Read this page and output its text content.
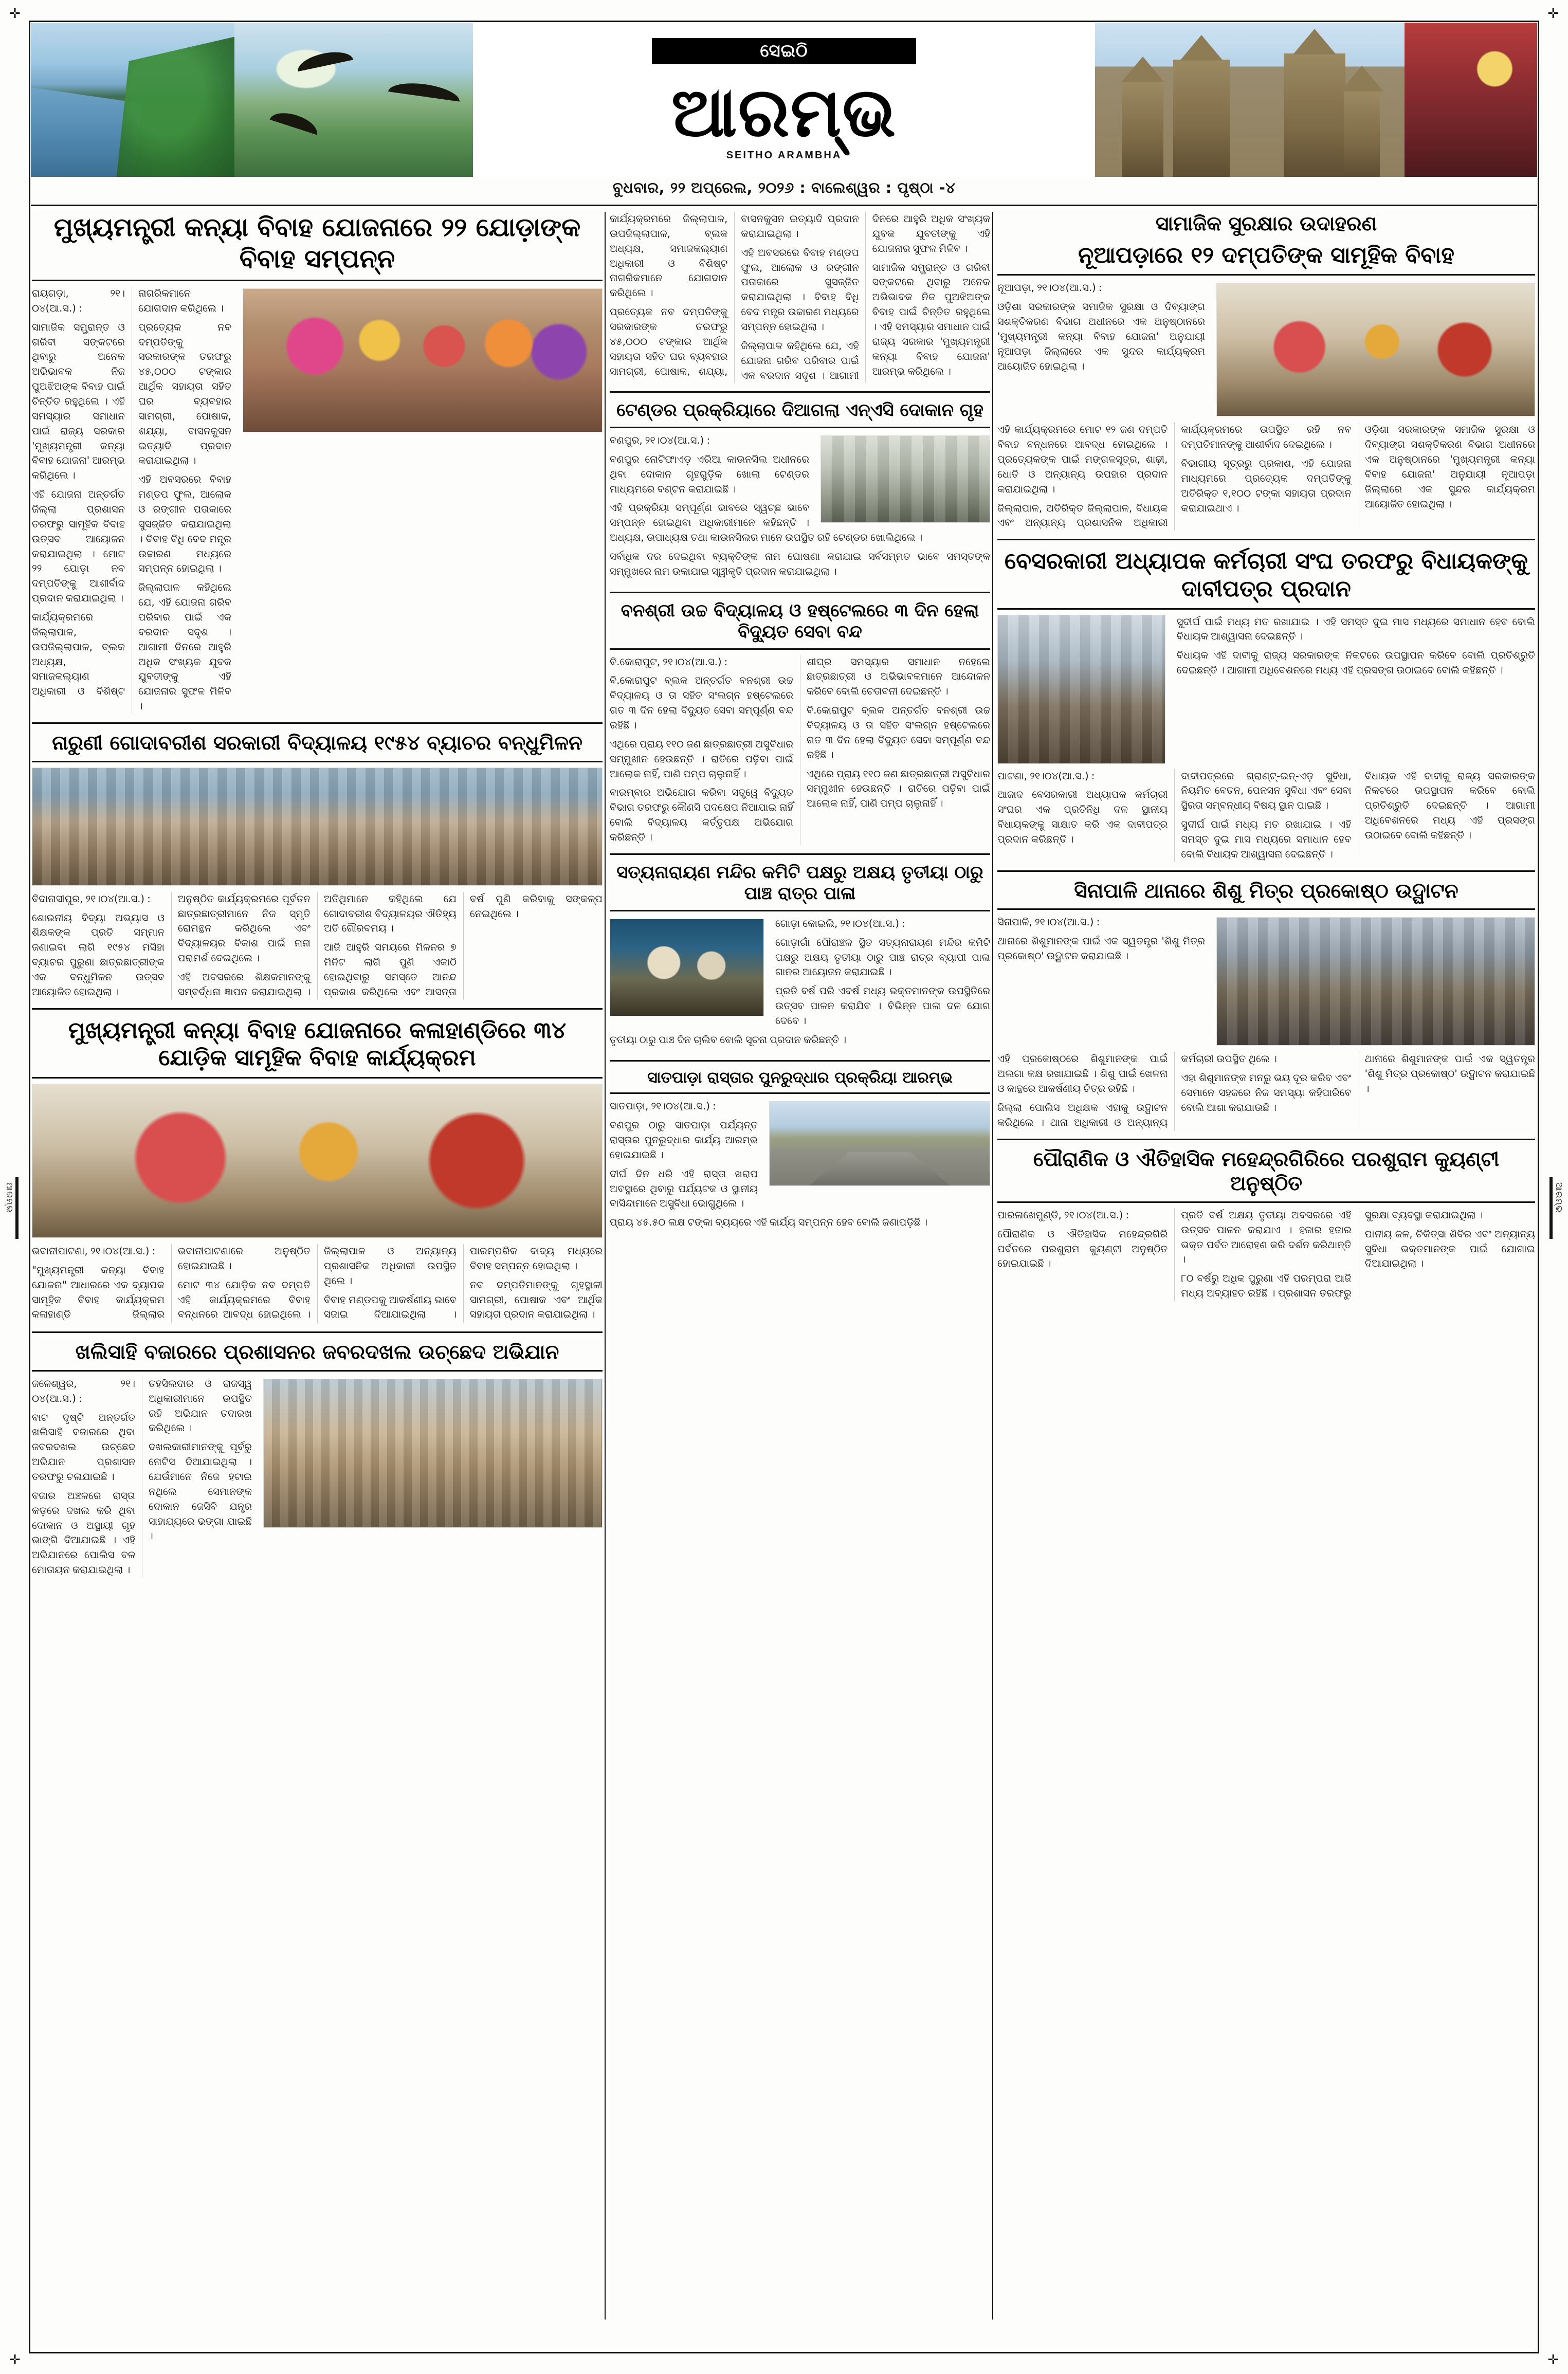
✛	✛
✛	✛
ଆରମ୍ଭ	ଆରମ୍ଭ
ସେଇଠି
ଆରମ୍ଭ
SEITHO ARAMBHA
ବୁଧବାର, ୨୨ ଅପ୍ରେଲ, ୨୦୨୬ : ବାଲେଶ୍ୱର : ପୃଷ୍ଠା -୪
ମୁଖ୍ୟମନ୍ତ୍ରୀ କନ୍ୟା ବିବାହ ଯୋଜନାରେ ୨୨ ଯୋଡ଼ାଙ୍କ ବିବାହ ସମ୍ପନ୍ନ

ରାୟଗଡ଼ା, ୨୧।୦୪(ଆ.ସ.) :

ସାମାଜିକ ସମ୍ଭ୍ରାନ୍ତ ଓ ଗରିବୀ ସଙ୍କଟରେ ଥିବାରୁ ଅନେକ ଅଭିଭାବକ ନିଜ ପୁଅଝିଅଙ୍କ ବିବାହ ପାଇଁ ଚିନ୍ତିତ ରହୁଥିଲେ । ଏହି ସମସ୍ୟାର ସମାଧାନ ପାଇଁ ରାଜ୍ୟ ସରକାର 'ମୁଖ୍ୟମନ୍ତ୍ରୀ କନ୍ୟା ବିବାହ ଯୋଜନା' ଆରମ୍ଭ କରିଥିଲେ ।

ଏହି ଯୋଜନା ଅନ୍ତର୍ଗତ ଜିଲ୍ଲା ପ୍ରଶାସନ ତରଫରୁ ସାମୂହିକ ବିବାହ ଉତ୍ସବ ଆୟୋଜନ କରାଯାଇଥିଲା । ମୋଟ ୨୨ ଯୋଡ଼ା ନବ ଦମ୍ପତିଙ୍କୁ ଆଶୀର୍ବାଦ ପ୍ରଦାନ କରାଯାଇଥିଲା ।

କାର୍ଯ୍ୟକ୍ରମରେ ଜିଲ୍ଲାପାଳ, ଉପଜିଲ୍ଲାପାଳ, ବ୍ଲକ ଅଧ୍ୟକ୍ଷ, ସମାଜକଲ୍ୟାଣ ଅଧିକାରୀ ଓ ବିଶିଷ୍ଟ ନାଗରିକମାନେ ଯୋଗଦାନ କରିଥିଲେ ।

ପ୍ରତ୍ୟେକ ନବ ଦମ୍ପତିଙ୍କୁ ସରକାରଙ୍କ ତରଫରୁ ୪୫,୦୦୦ ଟଙ୍କାର ଆର୍ଥିକ ସହାୟତା ସହିତ ଘର ବ୍ୟବହାର ସାମଗ୍ରୀ, ପୋଷାକ, ଶଯ୍ୟା, ବାସନକୁସନ ଇତ୍ୟାଦି ପ୍ରଦାନ କରାଯାଇଥିଲା ।

ଏହି ଅବସରରେ ବିବାହ ମଣ୍ଡପ ଫୁଲ, ଆଲୋକ ଓ ରଙ୍ଗୀନ ପତାକାରେ ସୁସଜ୍ଜିତ କରାଯାଇଥିଲା । ବିବାହ ବିଧି ବେଦ ମନ୍ତ୍ର ଉଚ୍ଚାରଣ ମଧ୍ୟରେ ସମ୍ପନ୍ନ ହୋଇଥିଲା ।

ଜିଲ୍ଲାପାଳ କହିଥିଲେ ଯେ, ଏହି ଯୋଜନା ଗରିବ ପରିବାର ପାଇଁ ଏକ ବରଦାନ ସଦୃଶ । ଆଗାମୀ ଦିନରେ ଆହୁରି ଅଧିକ ସଂଖ୍ୟକ ଯୁବକ ଯୁବତୀଙ୍କୁ ଏହି ଯୋଜନାର ସୁଫଳ ମିଳିବ ।

ନାରୁଣୀ ଗୋଦାବରୀଶ ସରକାରୀ ବିଦ୍ୟାଳୟ ୧୯୫୪ ବ୍ୟାଚର ବନ୍ଧୁମିଳନ

ବିଦାନାସୀପୁର, ୨୧।୦୪(ଆ.ସ.) :

ଶୋଭନୀୟ ବିଦ୍ୟା ଅଭ୍ୟାସ ଓ ଶିକ୍ଷକଙ୍କ ପ୍ରତି ସମ୍ମାନ ଜଣାଇବା ଲାଗି ୧୯୫୪ ମସିହା ବ୍ୟାଚର ପୁରୁଣା ଛାତ୍ରଛାତ୍ରୀଙ୍କ ଏକ ବନ୍ଧୁମିଳନ ଉତ୍ସବ ଆୟୋଜିତ ହୋଇଥିଲା ।

ଅନୁଷ୍ଠିତ କାର୍ଯ୍ୟକ୍ରମରେ ପୂର୍ବତନ ଛାତ୍ରଛାତ୍ରୀମାନେ ନିଜ ସ୍ମୃତି ରୋମନ୍ଥନ କରିଥିଲେ ଏବଂ ବିଦ୍ୟାଳୟର ବିକାଶ ପାଇଁ ନାନା ପରାମର୍ଶ ଦେଇଥିଲେ ।

ଏହି ଅବସରରେ ଶିକ୍ଷକମାନଙ୍କୁ ସମ୍ବର୍ଦ୍ଧନା ଜ୍ଞାପନ କରାଯାଇଥିଲା । ଅତିଥିମାନେ କହିଥିଲେ ଯେ ଗୋଦାବରୀଶ ବିଦ୍ୟାଳୟର ଐତିହ୍ୟ ଅତି ଗୌରବମୟ ।

ଆଜି ଆହୁରି ସମୟରେ ମିଳନର ୭ ମିନିଟ ଲାଗି ପୁଣି ଏକାଠି ହୋଇଥିବାରୁ ସମସ୍ତେ ଆନନ୍ଦ ପ୍ରକାଶ କରିଥିଲେ ଏବଂ ଆସନ୍ତା ବର୍ଷ ପୁଣି କରିବାକୁ ସଙ୍କଳ୍ପ ନେଇଥିଲେ ।

ମୁଖ୍ୟମନ୍ତ୍ରୀ କନ୍ୟା ବିବାହ ଯୋଜନାରେ କଳାହାଣ୍ଡିରେ ୩୪ ଯୋଡ଼ିକ ସାମୂହିକ ବିବାହ କାର୍ଯ୍ୟକ୍ରମ

ଭବାନୀପାଟଣା, ୨୧।୦୪(ଆ.ସ.) :

"ମୁଖ୍ୟମନ୍ତ୍ରୀ କନ୍ୟା ବିବାହ ଯୋଜନା" ଆଧାରରେ ଏକ ବ୍ୟାପକ ସାମୂହିକ ବିବାହ କାର୍ଯ୍ୟକ୍ରମ କଳାହାଣ୍ଡି ଜିଲ୍ଲାର ଭବାନୀପାଟଣାରେ ଅନୁଷ୍ଠିତ ହୋଇଯାଇଛି ।

ମୋଟ ୩୪ ଯୋଡ଼ିକ ନବ ଦମ୍ପତି ଏହି କାର୍ଯ୍ୟକ୍ରମରେ ବିବାହ ବନ୍ଧନରେ ଆବଦ୍ଧ ହୋଇଥିଲେ । ଜିଲ୍ଲାପାଳ ଓ ଅନ୍ୟାନ୍ୟ ପ୍ରଶାସନିକ ଅଧିକାରୀ ଉପସ୍ଥିତ ଥିଲେ ।

ବିବାହ ମଣ୍ଡପକୁ ଆକର୍ଷଣୀୟ ଭାବେ ସଜାଇ ଦିଆଯାଇଥିଲା । ପାରମ୍ପରିକ ବାଦ୍ୟ ମଧ୍ୟରେ ବିବାହ ସମ୍ପନ୍ନ ହୋଇଥିଲା ।

ନବ ଦମ୍ପତିମାନଙ୍କୁ ଗୃହସ୍ଥାଳୀ ସାମଗ୍ରୀ, ପୋଷାକ ଏବଂ ଆର୍ଥିକ ସହାୟତା ପ୍ରଦାନ କରାଯାଇଥିଲା ।

ଖଲିସାହି ବଜାରରେ ପ୍ରଶାସନର ଜବରଦଖଲ ଉଚ୍ଛେଦ ଅଭିଯାନ

ଜଳେଶ୍ୱର, ୨୧।୦୪(ଆ.ସ.) :

ବାଟ ଦୃଷ୍ଟି ଅନ୍ତର୍ଗତ ଖଲିସାହି ବଜାରରେ ଥିବା ଜବରଦଖଲ ଉଚ୍ଛେଦ ଅଭିଯାନ ପ୍ରଶାସନ ତରଫରୁ ଚଳାଯାଇଛି ।

ବଜାର ଅଞ୍ଚଳରେ ରାସ୍ତା କଡ଼ରେ ଦଖଲ କରି ଥିବା ଦୋକାନ ଓ ଅସ୍ଥାୟୀ ଗୃହ ଭାଙ୍ଗି ଦିଆଯାଇଛି । ଏହି ଅଭିଯାନରେ ପୋଲିସ ବଳ ମୋତାୟନ କରାଯାଇଥିଲା ।

ତହସିଲଦାର ଓ ରାଜସ୍ୱ ଅଧିକାରୀମାନେ ଉପସ୍ଥିତ ରହି ଅଭିଯାନ ତଦାରଖ କରିଥିଲେ ।

ଦଖଲକାରୀମାନଙ୍କୁ ପୂର୍ବରୁ ନୋଟିସ ଦିଆଯାଇଥିଲା । ଯେଉଁମାନେ ନିଜେ ହଟାଇ ନଥିଲେ ସେମାନଙ୍କ ଦୋକାନ ଜେସିବି ଯନ୍ତ୍ର ସାହାଯ୍ୟରେ ଭଙ୍ଗା ଯାଇଛି ।

କାର୍ଯ୍ୟକ୍ରମରେ ଜିଲ୍ଲାପାଳ, ଉପଜିଲ୍ଲାପାଳ, ବ୍ଲକ ଅଧ୍ୟକ୍ଷ, ସମାଜକଲ୍ୟାଣ ଅଧିକାରୀ ଓ ବିଶିଷ୍ଟ ନାଗରିକମାନେ ଯୋଗଦାନ କରିଥିଲେ ।

ପ୍ରତ୍ୟେକ ନବ ଦମ୍ପତିଙ୍କୁ ସରକାରଙ୍କ ତରଫରୁ ୪୫,୦୦୦ ଟଙ୍କାର ଆର୍ଥିକ ସହାୟତା ସହିତ ଘର ବ୍ୟବହାର ସାମଗ୍ରୀ, ପୋଷାକ, ଶଯ୍ୟା, ବାସନକୁସନ ଇତ୍ୟାଦି ପ୍ରଦାନ କରାଯାଇଥିଲା ।

ଏହି ଅବସରରେ ବିବାହ ମଣ୍ଡପ ଫୁଲ, ଆଲୋକ ଓ ରଙ୍ଗୀନ ପତାକାରେ ସୁସଜ୍ଜିତ କରାଯାଇଥିଲା । ବିବାହ ବିଧି ବେଦ ମନ୍ତ୍ର ଉଚ୍ଚାରଣ ମଧ୍ୟରେ ସମ୍ପନ୍ନ ହୋଇଥିଲା ।

ଜିଲ୍ଲାପାଳ କହିଥିଲେ ଯେ, ଏହି ଯୋଜନା ଗରିବ ପରିବାର ପାଇଁ ଏକ ବରଦାନ ସଦୃଶ । ଆଗାମୀ ଦିନରେ ଆହୁରି ଅଧିକ ସଂଖ୍ୟକ ଯୁବକ ଯୁବତୀଙ୍କୁ ଏହି ଯୋଜନାର ସୁଫଳ ମିଳିବ ।

ସାମାଜିକ ସମ୍ଭ୍ରାନ୍ତ ଓ ଗରିବୀ ସଙ୍କଟରେ ଥିବାରୁ ଅନେକ ଅଭିଭାବକ ନିଜ ପୁଅଝିଅଙ୍କ ବିବାହ ପାଇଁ ଚିନ୍ତିତ ରହୁଥିଲେ । ଏହି ସମସ୍ୟାର ସମାଧାନ ପାଇଁ ରାଜ୍ୟ ସରକାର 'ମୁଖ୍ୟମନ୍ତ୍ରୀ କନ୍ୟା ବିବାହ ଯୋଜନା' ଆରମ୍ଭ କରିଥିଲେ ।

ଟେଣ୍ଡର ପ୍ରକ୍ରିୟାରେ ଦିଆଗଲା ଏନ୍ଏସି ଦୋକାନ ଗୃହ

ବଣପୁର, ୨୧।୦୪(ଆ.ସ.) :

ବଣପୁର ନୋଟିଫାଏଡ଼ ଏରିଆ କାଉନସିଲ ଅଧୀନରେ ଥିବା ଦୋକାନ ଗୃହଗୁଡ଼ିକ ଖୋଲା ଟେଣ୍ଡର ମାଧ୍ୟମରେ ବଣ୍ଟନ କରାଯାଇଛି ।

ଏହି ପ୍ରକ୍ରିୟା ସମ୍ପୂର୍ଣ୍ଣ ଭାବରେ ସ୍ୱଚ୍ଛ ଭାବେ ସମ୍ପନ୍ନ ହୋଇଥିବା ଅଧିକାରୀମାନେ କହିଛନ୍ତି । ଅଧ୍ୟକ୍ଷ, ଉପାଧ୍ୟକ୍ଷ ତଥା କାଉନସିଲର ମାନେ ଉପସ୍ଥିତ ରହି ଟେଣ୍ଡର ଖୋଲିଥିଲେ ।

ସର୍ବାଧିକ ଦର ଦେଇଥିବା ବ୍ୟକ୍ତିଙ୍କ ନାମ ଘୋଷଣା କରାଯାଇ ସର୍ବସମ୍ମତ ଭାବେ ସମସ୍ତଙ୍କ ସମ୍ମୁଖରେ ନାମ ଉକାଯାଇ ସ୍ୱୀକୃତି ପ୍ରଦାନ କରାଯାଇଥିଲା ।

ବନଶ୍ରୀ ଉଚ୍ଚ ବିଦ୍ୟାଳୟ ଓ ହଷ୍ଟେଲରେ ୩ ଦିନ ହେଲା ବିଦ୍ୟୁତ ସେବା ବନ୍ଦ

ବି.କୋରାପୁଟ, ୨୧।୦୪(ଆ.ସ.) :

ବି.କୋରାପୁଟ ବ୍ଲକ ଅନ୍ତର୍ଗତ ବନଶ୍ରୀ ଉଚ୍ଚ ବିଦ୍ୟାଳୟ ଓ ତା ସହିତ ସଂଲଗ୍ନ ହଷ୍ଟେଲରେ ଗତ ୩ ଦିନ ହେଲା ବିଦ୍ୟୁତ ସେବା ସମ୍ପୂର୍ଣ୍ଣ ବନ୍ଦ ରହିଛି ।

ଏଥିରେ ପ୍ରାୟ ୧୧୦ ଜଣ ଛାତ୍ରଛାତ୍ରୀ ଅସୁବିଧାର ସମ୍ମୁଖୀନ ହେଉଛନ୍ତି । ରାତିରେ ପଢ଼ିବା ପାଇଁ ଆଲୋକ ନାହିଁ, ପାଣି ପମ୍ପ ଚାଲୁନାହିଁ ।

ବାରମ୍ବାର ଅଭିଯୋଗ କରିବା ସତ୍ତ୍ୱେ ବିଦ୍ୟୁତ ବିଭାଗ ତରଫରୁ କୌଣସି ପଦକ୍ଷେପ ନିଆଯାଇ ନାହିଁ ବୋଲି ବିଦ୍ୟାଳୟ କର୍ତ୍ତୃପକ୍ଷ ଅଭିଯୋଗ କରିଛନ୍ତି ।

ଶୀଘ୍ର ସମସ୍ୟାର ସମାଧାନ ନହେଲେ ଛାତ୍ରଛାତ୍ରୀ ଓ ଅଭିଭାବକମାନେ ଆନ୍ଦୋଳନ କରିବେ ବୋଲି ଚେତାବନୀ ଦେଇଛନ୍ତି ।

ବି.କୋରାପୁଟ ବ୍ଲକ ଅନ୍ତର୍ଗତ ବନଶ୍ରୀ ଉଚ୍ଚ ବିଦ୍ୟାଳୟ ଓ ତା ସହିତ ସଂଲଗ୍ନ ହଷ୍ଟେଲରେ ଗତ ୩ ଦିନ ହେଲା ବିଦ୍ୟୁତ ସେବା ସମ୍ପୂର୍ଣ୍ଣ ବନ୍ଦ ରହିଛି ।

ଏଥିରେ ପ୍ରାୟ ୧୧୦ ଜଣ ଛାତ୍ରଛାତ୍ରୀ ଅସୁବିଧାର ସମ୍ମୁଖୀନ ହେଉଛନ୍ତି । ରାତିରେ ପଢ଼ିବା ପାଇଁ ଆଲୋକ ନାହିଁ, ପାଣି ପମ୍ପ ଚାଲୁନାହିଁ ।

ସତ୍ୟନାରାୟଣ ମନ୍ଦିର କମିଟି ପକ୍ଷରୁ ଅକ୍ଷୟ ତୃତୀୟା ଠାରୁ ପାଞ୍ଚ ରାତ୍ର ପାଳା

ଗୋଡ଼ା କୋଇଲି, ୨୧।୦୪(ଆ.ସ.) :

ଗୋଡ଼ାଗାଁ ପୌରାଞ୍ଚଳ ସ୍ଥିତ ସତ୍ୟନାରାୟଣ ମନ୍ଦିର କମିଟି ପକ୍ଷରୁ ଅକ୍ଷୟ ତୃତୀୟା ଠାରୁ ପାଞ୍ଚ ରାତ୍ର ବ୍ୟାପୀ ପାଳା ଗାନର ଆୟୋଜନ କରାଯାଇଛି ।

ପ୍ରତି ବର୍ଷ ପରି ଏବର୍ଷ ମଧ୍ୟ ଭକ୍ତମାନଙ୍କ ଉପସ୍ଥିତିରେ ଉତ୍ସବ ପାଳନ କରାଯିବ । ବିଭିନ୍ନ ପାଳା ଦଳ ଯୋଗ ଦେବେ ।

ତୃତୀୟା ଠାରୁ ପାଞ୍ଚ ଦିନ ଚାଲିବ ବୋଲି ସୂଚନା ପ୍ରଦାନ କରିଛନ୍ତି ।

ସାତପାଡ଼ା ରାସ୍ତାର ପୁନରୁଦ୍ଧାର ପ୍ରକ୍ରିୟା ଆରମ୍ଭ

ସାତପାଡ଼ା, ୨୧।୦୪(ଆ.ସ.) :

ବଣପୁର ଠାରୁ ସାତପାଡ଼ା ପର୍ଯ୍ୟନ୍ତ ରାସ୍ତାର ପୁନରୁଦ୍ଧାର କାର୍ଯ୍ୟ ଆରମ୍ଭ ହୋଇଯାଇଛି ।

ଦୀର୍ଘ ଦିନ ଧରି ଏହି ରାସ୍ତା ଖରାପ ଅବସ୍ଥାରେ ଥିବାରୁ ପର୍ଯ୍ୟଟକ ଓ ସ୍ଥାନୀୟ ବାସିନ୍ଦାମାନେ ଅସୁବିଧା ଭୋଗୁଥିଲେ ।

ପ୍ରାୟ ୪୫.୫୦ ଲକ୍ଷ ଟଙ୍କା ବ୍ୟୟରେ ଏହି କାର୍ଯ୍ୟ ସମ୍ପନ୍ନ ହେବ ବୋଲି ଜଣାପଡ଼ିଛି ।

ସାମାଜିକ ସୁରକ୍ଷାର ଉଦାହରଣ
ନୂଆପଡ଼ାରେ ୧୨ ଦମ୍ପତିଙ୍କ ସାମୂହିକ ବିବାହ

ନୂଆପଡ଼ା, ୨୧।୦୪(ଆ.ସ.) :

ଓଡ଼ିଶା ସରକାରଙ୍କ ସମାଜିକ ସୁରକ୍ଷା ଓ ଦିବ୍ୟାଙ୍ଗ ସଶକ୍ତିକରଣ ବିଭାଗ ଅଧୀନରେ ଏକ ଅନୁଷ୍ଠାନରେ 'ମୁଖ୍ୟମନ୍ତ୍ରୀ କନ୍ୟା ବିବାହ ଯୋଜନା' ଅନୁଯାୟୀ ନୂଆପଡ଼ା ଜିଲ୍ଲାରେ ଏକ ସୁନ୍ଦର କାର୍ଯ୍ୟକ୍ରମ ଆୟୋଜିତ ହୋଇଥିଲା ।

ଏହି କାର୍ଯ୍ୟକ୍ରମରେ ମୋଟ ୧୨ ଜଣ ଦମ୍ପତି ବିବାହ ବନ୍ଧନରେ ଆବଦ୍ଧ ହୋଇଥିଲେ । ପ୍ରତ୍ୟେକଙ୍କ ପାଇଁ ମଙ୍ଗଳସୂତ୍ର, ଶାଢ଼ୀ, ଧୋତି ଓ ଅନ୍ୟାନ୍ୟ ଉପହାର ପ୍ରଦାନ କରାଯାଇଥିଲା ।

ଜିଲ୍ଲାପାଳ, ଅତିରିକ୍ତ ଜିଲ୍ଲାପାଳ, ବିଧାୟକ ଏବଂ ଅନ୍ୟାନ୍ୟ ପ୍ରଶାସନିକ ଅଧିକାରୀ କାର୍ଯ୍ୟକ୍ରମରେ ଉପସ୍ଥିତ ରହି ନବ ଦମ୍ପତିମାନଙ୍କୁ ଆଶୀର୍ବାଦ ଦେଇଥିଲେ ।

ବିଭାଗୀୟ ସୂତ୍ରରୁ ପ୍ରକାଶ, ଏହି ଯୋଜନା ମାଧ୍ୟମରେ ପ୍ରତ୍ୟେକ ଦମ୍ପତିଙ୍କୁ ଅତିରିକ୍ତ ୧,୧୦୦ ଟଙ୍କା ସହାୟତା ପ୍ରଦାନ କରାଯାଇଥାଏ ।

ଓଡ଼ିଶା ସରକାରଙ୍କ ସମାଜିକ ସୁରକ୍ଷା ଓ ଦିବ୍ୟାଙ୍ଗ ସଶକ୍ତିକରଣ ବିଭାଗ ଅଧୀନରେ ଏକ ଅନୁଷ୍ଠାନରେ 'ମୁଖ୍ୟମନ୍ତ୍ରୀ କନ୍ୟା ବିବାହ ଯୋଜନା' ଅନୁଯାୟୀ ନୂଆପଡ଼ା ଜିଲ୍ଲାରେ ଏକ ସୁନ୍ଦର କାର୍ଯ୍ୟକ୍ରମ ଆୟୋଜିତ ହୋଇଥିଲା ।

ବେସରକାରୀ ଅଧ୍ୟାପକ କର୍ମଚାରୀ ସଂଘ ତରଫରୁ ବିଧାୟକଙ୍କୁ ଦାବୀପତ୍ର ପ୍ରଦାନ

ସୁଦୀର୍ଘ ପାଇଁ ମଧ୍ୟ ମତ ରଖାଯାଇ । ଏହି ସମସ୍ତ ଦୁଇ ମାସ ମଧ୍ୟରେ ସମାଧାନ ହେବ ବୋଲି ବିଧାୟକ ଆଶ୍ୱାସନା ଦେଇଛନ୍ତି ।

ବିଧାୟକ ଏହି ଦାବୀକୁ ରାଜ୍ୟ ସରକାରଙ୍କ ନିକଟରେ ଉପସ୍ଥାପନ କରିବେ ବୋଲି ପ୍ରତିଶ୍ରୁତି ଦେଇଛନ୍ତି । ଆଗାମୀ ଅଧିବେଶନରେ ମଧ୍ୟ ଏହି ପ୍ରସଙ୍ଗ ଉଠାଇବେ ବୋଲି କହିଛନ୍ତି ।

ପାଟଣା, ୨୧।୦୪(ଆ.ସ.) :

ଆଜାଦ ବେସରକାରୀ ଅଧ୍ୟାପକ କର୍ମଚାରୀ ସଂଘର ଏକ ପ୍ରତିନିଧି ଦଳ ସ୍ଥାନୀୟ ବିଧାୟକଙ୍କୁ ସାକ୍ଷାତ କରି ଏକ ଦାବୀପତ୍ର ପ୍ରଦାନ କରିଛନ୍ତି ।

ଦାବୀପତ୍ରରେ ଗ୍ରାଣ୍ଟ୍-ଇନ୍-ଏଡ଼ ସୁବିଧା, ନିୟମିତ ବେତନ, ପେନସନ ସୁବିଧା ଏବଂ ସେବା ସ୍ଥିରତା ସମ୍ବନ୍ଧୀୟ ବିଷୟ ସ୍ଥାନ ପାଇଛି ।

ସୁଦୀର୍ଘ ପାଇଁ ମଧ୍ୟ ମତ ରଖାଯାଇ । ଏହି ସମସ୍ତ ଦୁଇ ମାସ ମଧ୍ୟରେ ସମାଧାନ ହେବ ବୋଲି ବିଧାୟକ ଆଶ୍ୱାସନା ଦେଇଛନ୍ତି ।

ବିଧାୟକ ଏହି ଦାବୀକୁ ରାଜ୍ୟ ସରକାରଙ୍କ ନିକଟରେ ଉପସ୍ଥାପନ କରିବେ ବୋଲି ପ୍ରତିଶ୍ରୁତି ଦେଇଛନ୍ତି । ଆଗାମୀ ଅଧିବେଶନରେ ମଧ୍ୟ ଏହି ପ୍ରସଙ୍ଗ ଉଠାଇବେ ବୋଲି କହିଛନ୍ତି ।

ସିନାପାଳି ଥାନାରେ ଶିଶୁ ମିତ୍ର ପ୍ରକୋଷ୍ଠ ଉଦ୍ଘାଟନ

ସିନାପାଳି, ୨୧।୦୪(ଆ.ସ.) :

ଥାନାରେ ଶିଶୁମାନଙ୍କ ପାଇଁ ଏକ ସ୍ୱତନ୍ତ୍ର 'ଶିଶୁ ମିତ୍ର ପ୍ରକୋଷ୍ଠ' ଉଦ୍ଘାଟନ କରାଯାଇଛି ।

ଏହି ପ୍ରକୋଷ୍ଠରେ ଶିଶୁମାନଙ୍କ ପାଇଁ ଅଲଗା କକ୍ଷ ରଖାଯାଇଛି । ଶିଶୁ ପାଇଁ ଖେଳନା ଓ କାନ୍ଥରେ ଆକର୍ଷଣୀୟ ଚିତ୍ର ରହିଛି ।

ଜିଲ୍ଲା ପୋଲିସ ଅଧିକ୍ଷକ ଏହାକୁ ଉଦ୍ଘାଟନ କରିଥିଲେ । ଥାନା ଅଧିକାରୀ ଓ ଅନ୍ୟାନ୍ୟ କର୍ମଚାରୀ ଉପସ୍ଥିତ ଥିଲେ ।

ଏହା ଶିଶୁମାନଙ୍କ ମନରୁ ଭୟ ଦୂର କରିବ ଏବଂ ସେମାନେ ସହଜରେ ନିଜ ସମସ୍ୟା କହିପାରିବେ ବୋଲି ଆଶା କରାଯାଉଛି ।

ଥାନାରେ ଶିଶୁମାନଙ୍କ ପାଇଁ ଏକ ସ୍ୱତନ୍ତ୍ର 'ଶିଶୁ ମିତ୍ର ପ୍ରକୋଷ୍ଠ' ଉଦ୍ଘାଟନ କରାଯାଇଛି ।

ପୌରାଣିକ ଓ ଐତିହାସିକ ମହେନ୍ଦ୍ରଗିରିରେ ପରଶୁରାମ କୁୟଣ୍ଟୀ ଅନୁଷ୍ଠିତ

ପାରଳାଖେମୁଣ୍ଡି, ୨୧।୦୪(ଆ.ସ.) :

ପୌରାଣିକ ଓ ଐତିହାସିକ ମହେନ୍ଦ୍ରଗିରି ପର୍ବତରେ ପରଶୁରାମ କୁୟଣ୍ଟୀ ଅନୁଷ୍ଠିତ ହୋଇଯାଇଛି ।

ପ୍ରତି ବର୍ଷ ଅକ୍ଷୟ ତୃତୀୟା ଅବସରରେ ଏହି ଉତ୍ସବ ପାଳନ କରାଯାଏ । ହଜାର ହଜାର ଭକ୍ତ ପର୍ବତ ଆରୋହଣ କରି ଦର୍ଶନ କରିଥାନ୍ତି ।

୮୦ ବର୍ଷରୁ ଅଧିକ ପୁରୁଣା ଏହି ପରମ୍ପରା ଆଜି ମଧ୍ୟ ଅବ୍ୟାହତ ରହିଛି । ପ୍ରଶାସନ ତରଫରୁ ସୁରକ୍ଷା ବ୍ୟବସ୍ଥା କରାଯାଇଥିଲା ।

ପାନୀୟ ଜଳ, ଚିକିତ୍ସା ଶିବିର ଏବଂ ଅନ୍ୟାନ୍ୟ ସୁବିଧା ଭକ୍ତମାନଙ୍କ ପାଇଁ ଯୋଗାଇ ଦିଆଯାଇଥିଲା ।
